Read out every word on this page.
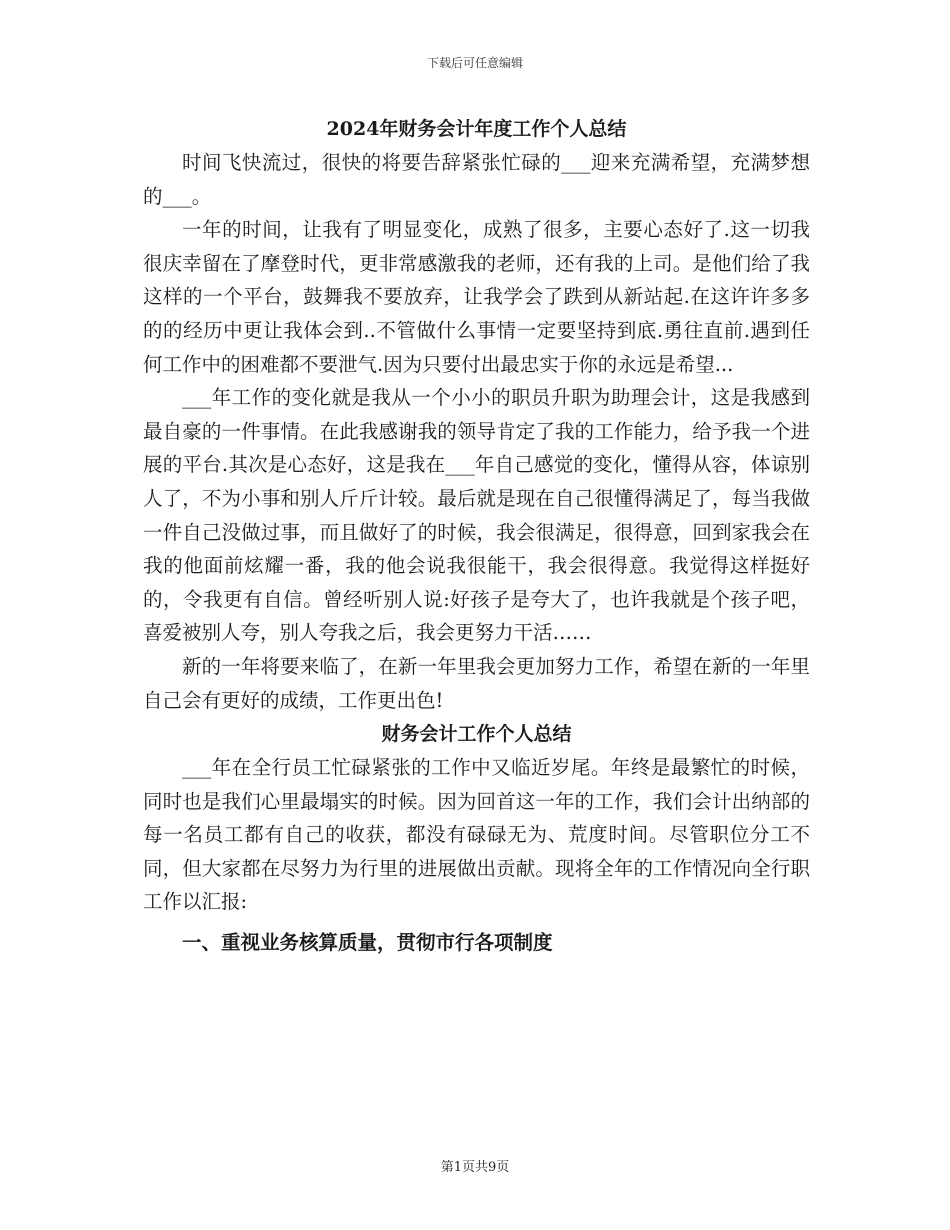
下载后可任意编辑
2024年财务会计年度工作个人总结

时间飞快流过，很快的将要告辞紧张忙碌的___迎来充满希望，充满梦想的___。

一年的时间，让我有了明显变化，成熟了很多，主要心态好了.这一切我很庆幸留在了摩登时代，更非常感激我的老师，还有我的上司。是他们给了我这样的一个平台，鼓舞我不要放弃，让我学会了跌到从新站起.在这许许多多的的经历中更让我体会到..不管做什么事情一定要坚持到底.勇往直前.遇到任何工作中的困难都不要泄气.因为只要付出最忠实于你的永远是希望...

___年工作的变化就是我从一个小小的职员升职为助理会计，这是我感到最自豪的一件事情。在此我感谢我的领导肯定了我的工作能力，给予我一个进展的平台.其次是心态好，这是我在___年自己感觉的变化，懂得从容，体谅别人了，不为小事和别人斤斤计较。最后就是现在自己很懂得满足了，每当我做一件自己没做过事，而且做好了的时候，我会很满足，很得意，回到家我会在我的他面前炫耀一番，我的他会说我很能干，我会很得意。我觉得这样挺好的，令我更有自信。曾经听别人说:好孩子是夸大了，也许我就是个孩子吧，喜爱被别人夸，别人夸我之后，我会更努力干活……

新的一年将要来临了，在新一年里我会更加努力工作，希望在新的一年里自己会有更好的成绩，工作更出色!

财务会计工作个人总结

___年在全行员工忙碌紧张的工作中又临近岁尾。年终是最繁忙的时候，同时也是我们心里最塌实的时候。因为回首这一年的工作，我们会计出纳部的每一名员工都有自己的收获，都没有碌碌无为、荒度时间。尽管职位分工不同，但大家都在尽努力为行里的进展做出贡献。现将全年的工作情况向全行职工作以汇报:

一、重视业务核算质量，贯彻市行各项制度
第1页共9页
